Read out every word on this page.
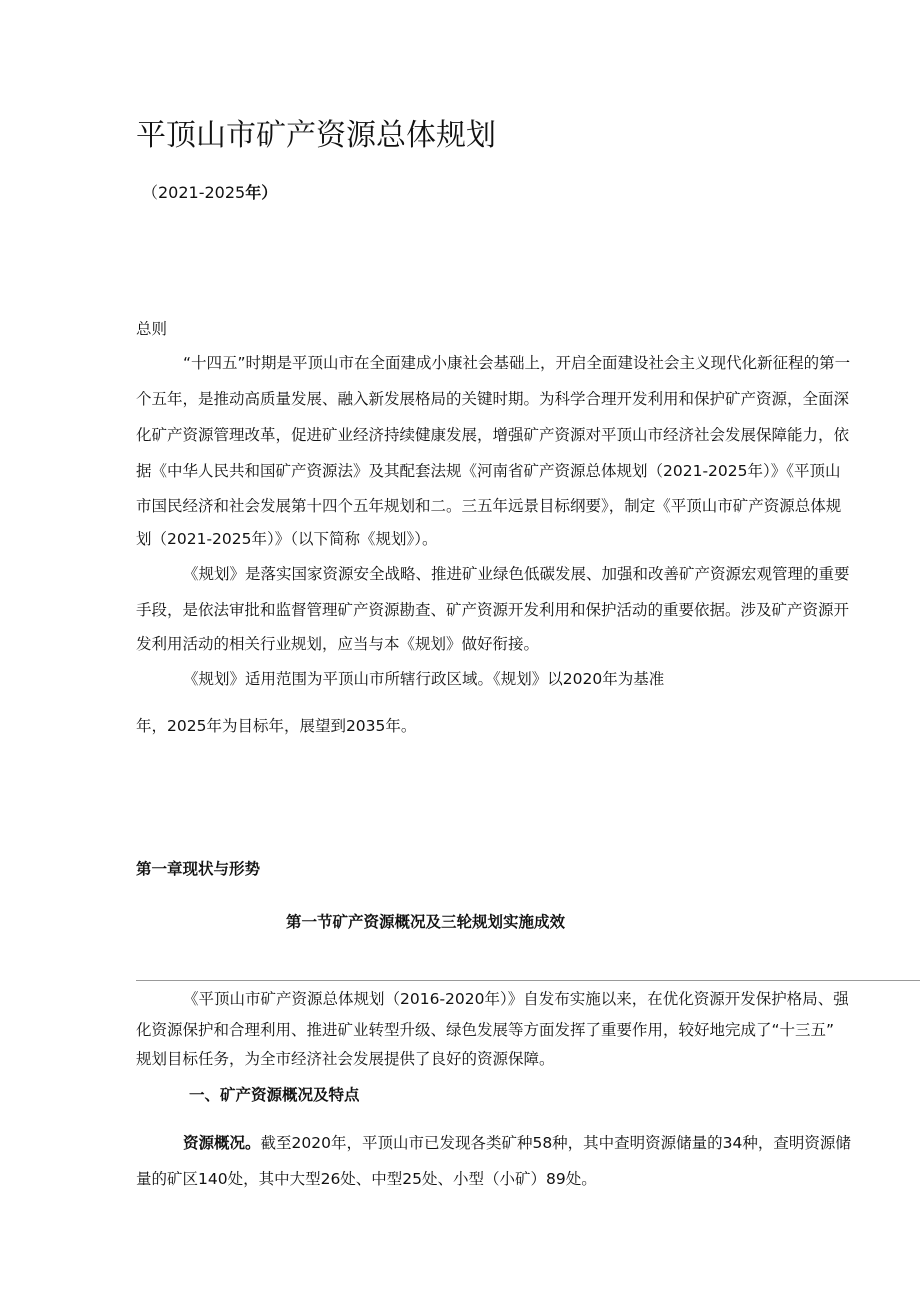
平顶山市矿产资源总体规划
（2021-2025年）
总则
“十四五”时期是平顶山市在全面建成小康社会基础上，开启全面建设社会主义现代化新征程的第一
个五年，是推动高质量发展、融入新发展格局的关键时期。为科学合理开发利用和保护矿产资源，全面深
化矿产资源管理改革，促进矿业经济持续健康发展，增强矿产资源对平顶山市经济社会发展保障能力，依
据《中华人民共和国矿产资源法》及其配套法规《河南省矿产资源总体规划（2021-2025年）》《平顶山
市国民经济和社会发展第十四个五年规划和二。三五年远景目标纲要》，制定《平顶山市矿产资源总体规
划（2021-2025年）》（以下简称《规划》）。
《规划》是落实国家资源安全战略、推进矿业绿色低碳发展、加强和改善矿产资源宏观管理的重要
手段，是依法审批和监督管理矿产资源勘查、矿产资源开发利用和保护活动的重要依据。涉及矿产资源开
发利用活动的相关行业规划，应当与本《规划》做好衔接。
《规划》适用范围为平顶山市所辖行政区域。《规划》以2020年为基准
年，2025年为目标年，展望到2035年。
第一章现状与形势
第一节矿产资源概况及三轮规划实施成效
《平顶山市矿产资源总体规划（2016-2020年）》自发布实施以来，在优化资源开发保护格局、强
化资源保护和合理利用、推进矿业转型升级、绿色发展等方面发挥了重要作用，较好地完成了“十三五”
规划目标任务，为全市经济社会发展提供了良好的资源保障。
一、矿产资源概况及特点
资源概况。截至2020年，平顶山市已发现各类矿种58种，其中查明资源储量的34种，查明资源储
量的矿区140处，其中大型26处、中型25处、小型（小矿）89处。
